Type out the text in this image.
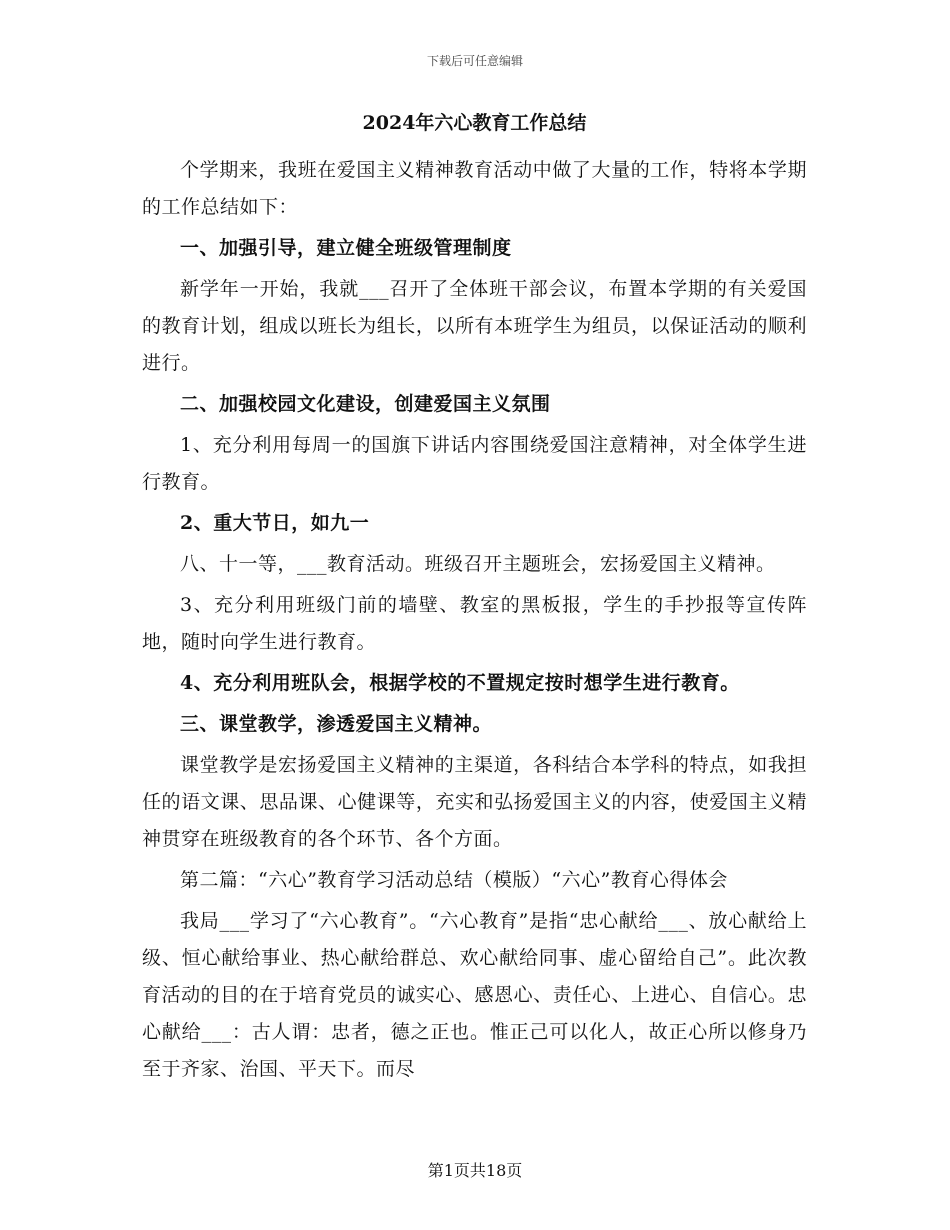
下载后可任意编辑
2024年六心教育工作总结

个学期来，我班在爱国主义精神教育活动中做了大量的工作，特将本学期的工作总结如下：

一、加强引导，建立健全班级管理制度

新学年一开始，我就___召开了全体班干部会议，布置本学期的有关爱国的教育计划，组成以班长为组长，以所有本班学生为组员，以保证活动的顺利进行。

二、加强校园文化建设，创建爱国主义氛围

1、充分利用每周一的国旗下讲话内容围绕爱国注意精神，对全体学生进行教育。

2、重大节日，如九一

八、十一等，___教育活动。班级召开主题班会，宏扬爱国主义精神。

3、充分利用班级门前的墙壁、教室的黑板报，学生的手抄报等宣传阵地，随时向学生进行教育。

4、充分利用班队会，根据学校的不置规定按时想学生进行教育。

三、课堂教学，渗透爱国主义精神。

课堂教学是宏扬爱国主义精神的主渠道，各科结合本学科的特点，如我担任的语文课、思品课、心健课等，充实和弘扬爱国主义的内容，使爱国主义精神贯穿在班级教育的各个环节、各个方面。

第二篇：“六心”教育学习活动总结（模版）“六心”教育心得体会

我局___学习了“六心教育”。“六心教育”是指“忠心献给___、放心献给上级、恒心献给事业、热心献给群总、欢心献给同事、虚心留给自己”。此次教育活动的目的在于培育党员的诚实心、感恩心、责任心、上进心、自信心。忠心献给___：古人谓：忠者，德之正也。惟正己可以化人，故正心所以修身乃至于齐家、治国、平天下。而尽

第1页共18页
